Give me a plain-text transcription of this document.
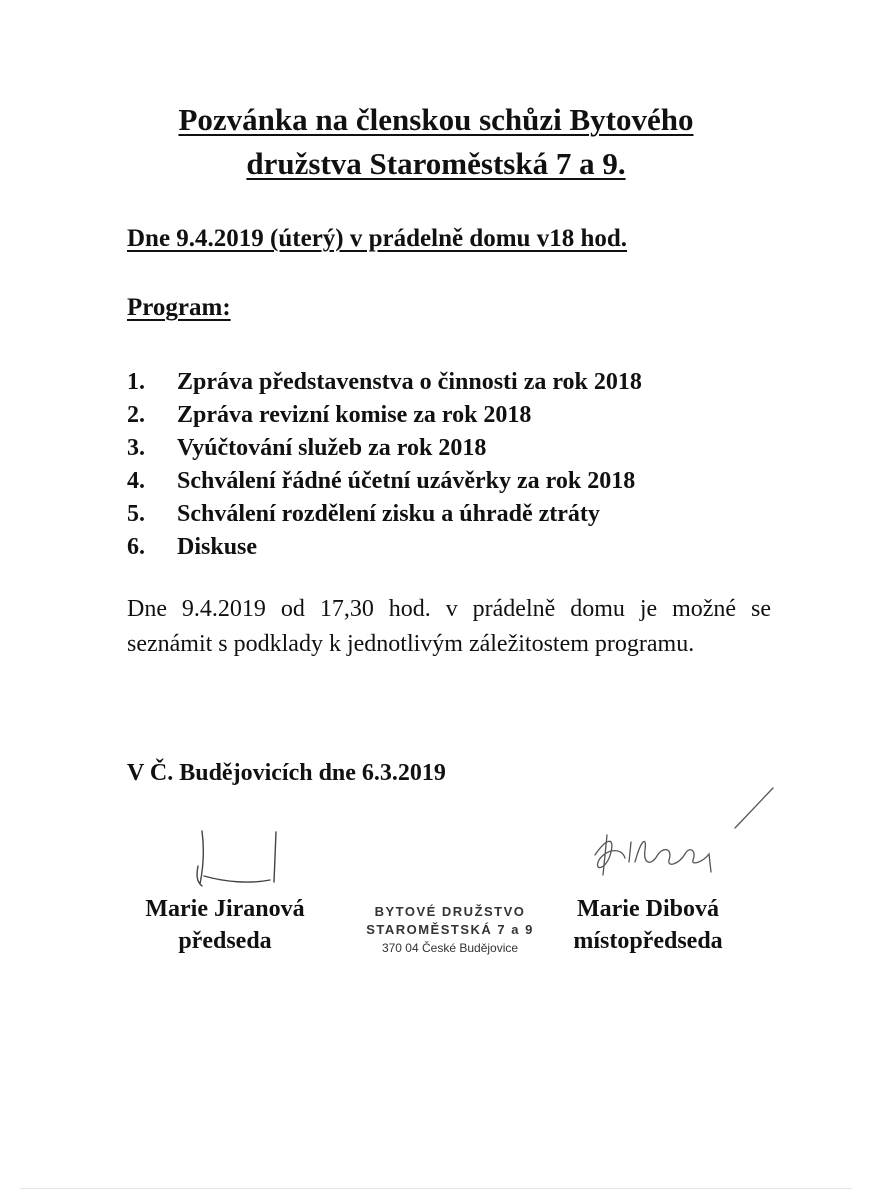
Pozvánka na členskou schůzi Bytového
družstva Staroměstská 7 a 9.

Dne 9.4.2019 (úterý) v prádelně domu v18 hod.

Program:

1.	Zpráva představenstva o činnosti za rok 2018
2.	Zpráva revizní komise za rok 2018
3.	Vyúčtování služeb za rok 2018
4.	Schválení řádné účetní uzávěrky za rok 2018
5.	Schválení rozdělení zisku a úhradě ztráty
6.	Diskuse

Dne 9.4.2019 od 17,30 hod. v prádelně domu je možné se seznámit s podklady k jednotlivým záležitostem programu.

V Č. Budějovicích dne 6.3.2019

Marie Jiranová
předseda
BYTOVÉ DRUŽSTVO
STAROMĚSTSKÁ 7 a 9
370 04 České Budějovice
Marie Dibová
místopředseda
